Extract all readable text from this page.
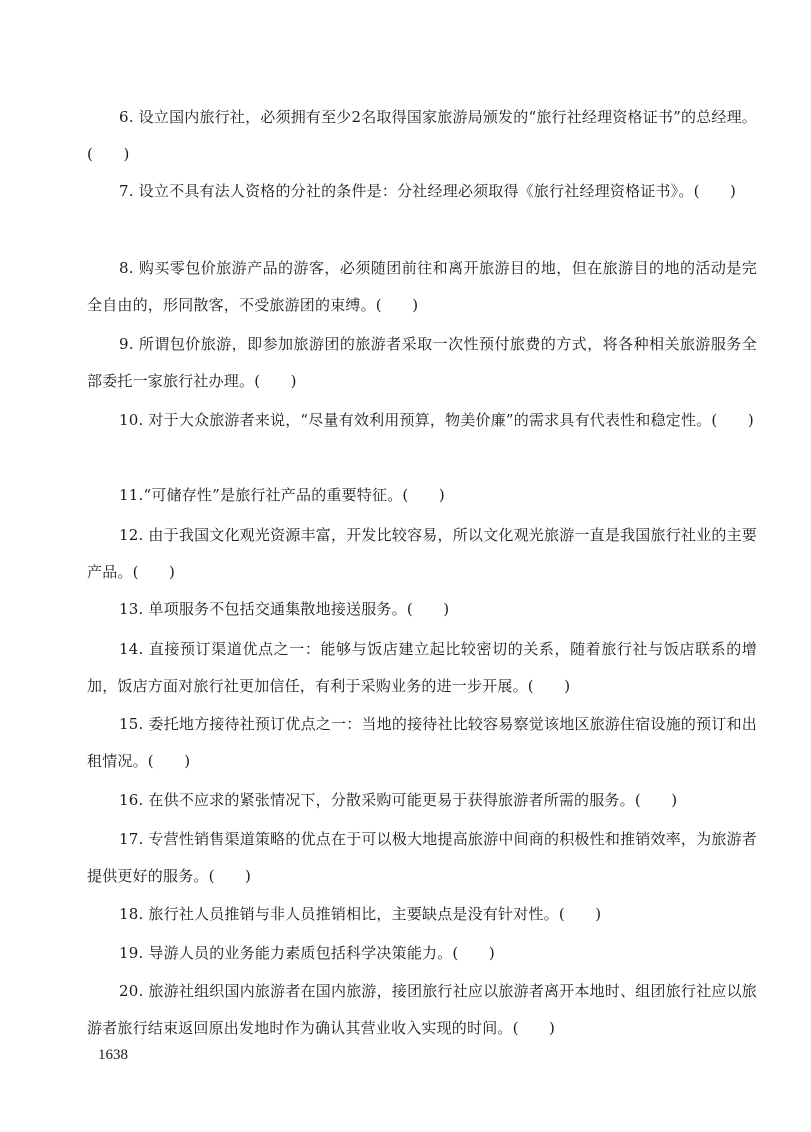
6. 设立国内旅行社，必须拥有至少2名取得国家旅游局颁发的“旅行社经理资格证书”的总经理。(　　)

7. 设立不具有法人资格的分社的条件是：分社经理必须取得《旅行社经理资格证书》。(　　)

8. 购买零包价旅游产品的游客，必须随团前往和离开旅游目的地，但在旅游目的地的活动是完全自由的，形同散客，不受旅游团的束缚。(　　)

9. 所谓包价旅游，即参加旅游团的旅游者采取一次性预付旅费的方式，将各种相关旅游服务全部委托一家旅行社办理。(　　)

10. 对于大众旅游者来说，“尽量有效利用预算，物美价廉”的需求具有代表性和稳定性。(　　)

11.“可储存性”是旅行社产品的重要特征。(　　)

12. 由于我国文化观光资源丰富，开发比较容易，所以文化观光旅游一直是我国旅行社业的主要产品。(　　)

13. 单项服务不包括交通集散地接送服务。(　　)

14. 直接预订渠道优点之一：能够与饭店建立起比较密切的关系，随着旅行社与饭店联系的增加，饭店方面对旅行社更加信任，有利于采购业务的进一步开展。(　　)

15. 委托地方接待社预订优点之一：当地的接待社比较容易察觉该地区旅游住宿设施的预订和出租情况。(　　)

16. 在供不应求的紧张情况下，分散采购可能更易于获得旅游者所需的服务。(　　)

17. 专营性销售渠道策略的优点在于可以极大地提高旅游中间商的积极性和推销效率，为旅游者提供更好的服务。(　　)

18. 旅行社人员推销与非人员推销相比，主要缺点是没有针对性。(　　)

19. 导游人员的业务能力素质包括科学决策能力。(　　)

20. 旅游社组织国内旅游者在国内旅游，接团旅行社应以旅游者离开本地时、组团旅行社应以旅游者旅行结束返回原出发地时作为确认其营业收入实现的时间。(　　)

1638
